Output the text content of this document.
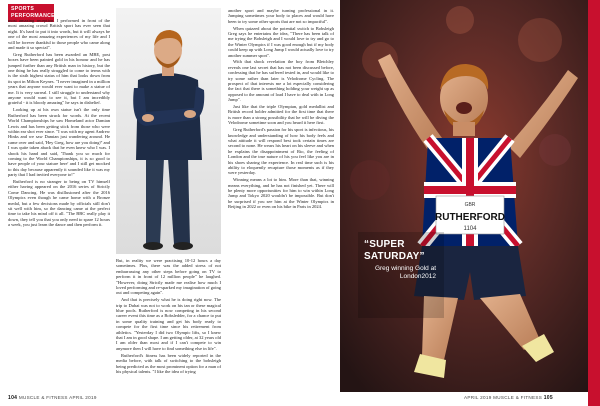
SPORTS PERFORMANCE

most amazing reception. I performed in front of the most amazing crowd British sport has ever seen that night. It's hard to put it into words, but it will always be one of the most amazing experiences of my life and I will be forever thankful to those people who came along and made it so special".

Greg Rutherford has been awarded an MBE, post boxes have been painted gold in his honour and he has jumped further than any British man in history, but the one thing he has really struggled to come to terms with is the sixth highest status of him that looks down from its spot in Milton Keynes. "I never imagined in a million years that anyone would ever want to make a statue of me. It is very surreal. I still struggle to understand why anyone would want to see it, but I am incredibly grateful - it is bloody amazing" he says in disbelief.

Looking up at his own statue isn't the only time Rutherford has been struck for words. At the recent World Championships he saw Homeland actor Damian Lewis and has been getting stick from those who were within ear shot ever since. "I was with my agent Andrew Hinks and we saw Damian just wandering around. He came over and said, 'Hey Greg, how are you doing?' and I was quite taken aback that he even knew who I was. I shook his hand and said, 'Thank you so much for coming to the World Championships, it is so good to have people of your stature here' and I still get mocked to this day because apparently it sounded like it was my party that I had invited everyone to!"

Rutherford is no stranger to being on TV himself either having appeared on the 2016 series of Strictly Come Dancing. He was disillusioned after the 2016 Olympics even though he came home with a Bronze medal, but a few decisions made by officials still don't sit well with him, so the dancing came at the perfect time to take his mind off it all. "The BBC really play it down, they tell you that you only need to spare 12 hours a week, you just learn the dance and then perform it.

But, in reality we were practising 10-12 hours a day sometimes. Plus, there was the added stress of not embarrassing any other steps before going on TV to perform it in front of 12 million people" he laughed. "However, doing Strictly made me realise how much I loved performing and re-sparked my imagination of going out and competing again".

And that is precisely what he is doing right now. The trip to Dubai was not to work on his tan or these magical blue pools. Rutherford is now competing in his second career event this time as a Bobsledder, for a chance to put in some quality training and get his body ready to compete for the first time since his retirement from athletics. "Yesterday I did two Olympic lifts, so I knew that I am in good shape. I am getting older, at 32 years old I am older than most and if I can't compete to win anymore then I will have to find something else in life".

Rutherford's fitness has been widely reported in the media before, with talk of switching to the bobsleigh being predicted as the most prominent option for a man of his physical talents. "I like the idea of trying

another sport and maybe turning professional in it. Jumping sometimes your body to places and would have been to try some other sports that are not so impactful".

When quizzed about the potential switch to Bobsleigh Greg says he entertains the idea, "There has been talk of me trying the Bobsleigh and I would love to try and go to the Winter Olympics if I was good enough but if my body could keep up with Long Jump I would actually love to try another summer sport".

With that shock revelation the boy from Bletchley reveals one last secret that has not been discussed before, confessing that he has suffered tested in, and would like to try some rather than later is Velodrome Cycling. The prospect of that interests me a lot especially considering the fact that there is something holding your weight up as opposed to the amount of load I have to deal with in Long Jump".

Just like that the triple Olympian, gold medallist and British record holder admitted for the first time that there is more than a strong possibility that he will be diving the Velodrome sometime soon and you heard it here first.

Greg Rutherford's passion for his sport is infectious, his knowledge and understanding of how his body feels and what attitude it will respond best took certain times are second to none. He wears his heart on his sleeve and when he explains the disappointment of Rio, the feeling of London and the true nature of his you feel like you are in his shoes sharing the experience. In real time such is his ability to eloquently recapture those moments as if they were yesterday.

Winning means a lot to him. More than that, winning means everything, and he has not finished yet. There will be plenty more opportunities for him to win within Long Jump and Tokyo 2020 wouldn't be impossible. But don't be surprised if you see him at the Winter Olympics in Beijing in 2022 or even on his bike in Paris in 2024.	GBR
RUTHERFORD
1104
“SUPER SATURDAY”
Greg winning Gold at London2012
104 MUSCLE & FITNESS APRIL 2019	APRIL 2019 MUSCLE & FITNESS 105
